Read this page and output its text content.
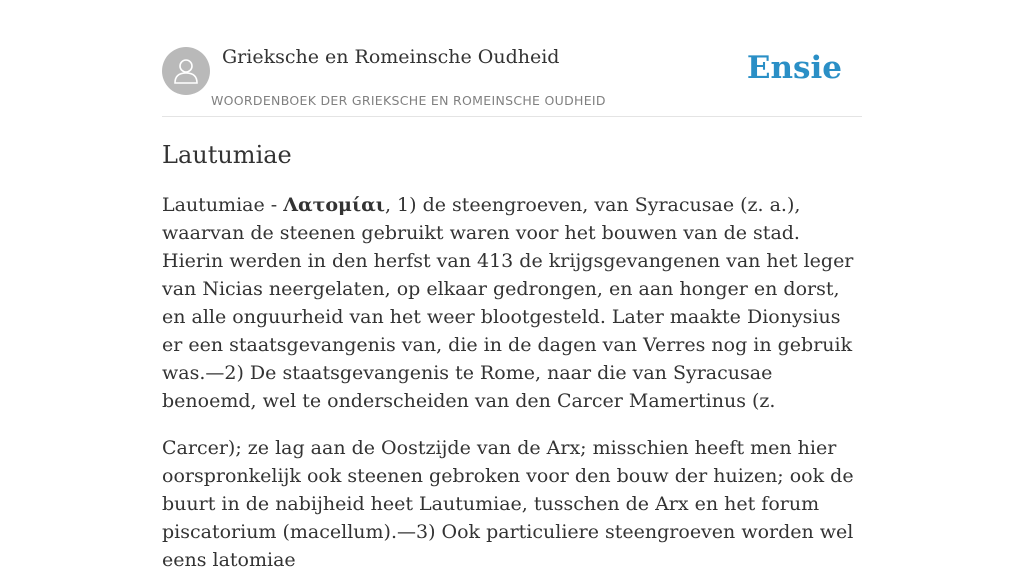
Grieksche en Romeinsche Oudheid
WOORDENBOEK DER GRIEKSCHE EN ROMEINSCHE OUDHEID
Ensie
Lautumiae

Lautumiae - Λατομίαι, 1) de steengroeven, van Syracusae (z. a.), waarvan de steenen gebruikt waren voor het bouwen van de stad. Hierin werden in den herfst van 413 de krijgsgevangenen van het leger van Nicias neergelaten, op elkaar gedrongen, en aan honger en dorst, en alle onguurheid van het weer blootgesteld. Later maakte Dionysius er een staatsgevangenis van, die in de dagen van Verres nog in gebruik was.—2) De staatsgevangenis te Rome, naar die van Syracusae benoemd, wel te onderscheiden van den Carcer Mamertinus (z.

Carcer); ze lag aan de Oostzijde van de Arx; misschien heeft men hier oorspronkelijk ook steenen gebroken voor den bouw der huizen; ook de buurt in de nabijheid heet Lautumiae, tusschen de Arx en het forum piscatorium (macellum).—3) Ook particuliere steengroeven worden wel eens latomiae
